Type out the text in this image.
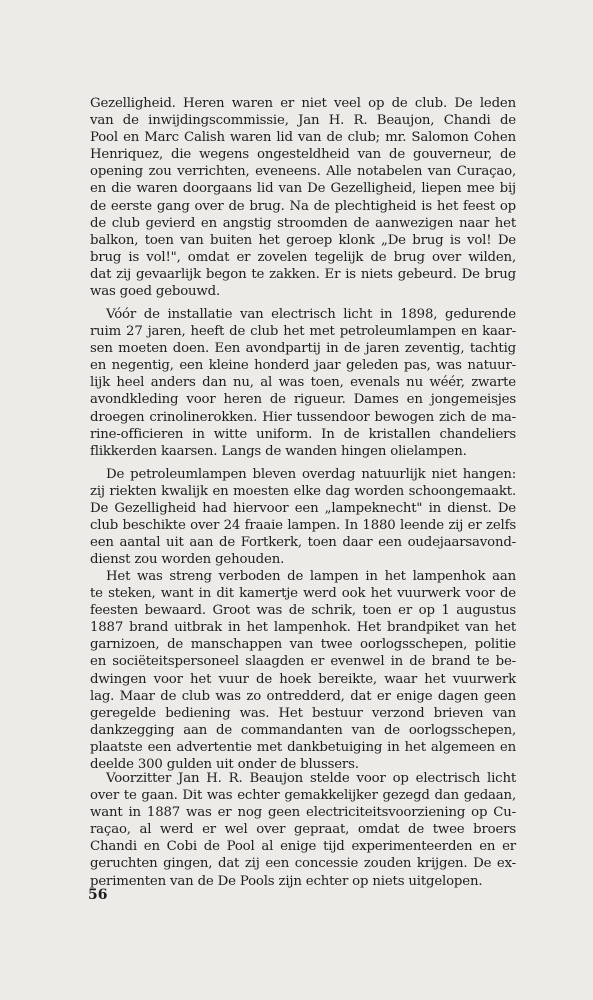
Gezelligheid. Heren waren er niet veel op de club. De leden
van de inwijdingscommissie, Jan H. R. Beaujon, Chandi de
Pool en Marc Calish waren lid van de club; mr. Salomon Cohen
Henriquez, die wegens ongesteldheid van de gouverneur, de
opening zou verrichten, eveneens. Alle notabelen van Curaçao,
en die waren doorgaans lid van De Gezelligheid, liepen mee bij
de eerste gang over de brug. Na de plechtigheid is het feest op
de club gevierd en angstig stroomden de aanwezigen naar het
balkon, toen van buiten het geroep klonk „De brug is vol! De
brug is vol!", omdat er zovelen tegelijk de brug over wilden,
dat zij gevaarlijk begon te zakken. Er is niets gebeurd. De brug
was goed gebouwd.
Vóór de installatie van electrisch licht in 1898, gedurende
ruim 27 jaren, heeft de club het met petroleumlampen en kaar-
sen moeten doen. Een avondpartij in de jaren zeventig, tachtig
en negentig, een kleine honderd jaar geleden pas, was natuur-
lijk heel anders dan nu, al was toen, evenals nu wéér, zwarte
avondkleding voor heren de rigueur. Dames en jongemeisjes
droegen crinolinerokken. Hier tussendoor bewogen zich de ma-
rine-officieren in witte uniform. In de kristallen chandeliers
flikkerden kaarsen. Langs de wanden hingen olielampen.
De petroleumlampen bleven overdag natuurlijk niet hangen:
zij riekten kwalijk en moesten elke dag worden schoongemaakt.
De Gezelligheid had hiervoor een „lampeknecht" in dienst. De
club beschikte over 24 fraaie lampen. In 1880 leende zij er zelfs
een aantal uit aan de Fortkerk, toen daar een oudejaarsavond-
dienst zou worden gehouden.
Het was streng verboden de lampen in het lampenhok aan
te steken, want in dit kamertje werd ook het vuurwerk voor de
feesten bewaard. Groot was de schrik, toen er op 1 augustus
1887 brand uitbrak in het lampenhok. Het brandpiket van het
garnizoen, de manschappen van twee oorlogsschepen, politie
en sociëteitspersoneel slaagden er evenwel in de brand te be-
dwingen voor het vuur de hoek bereikte, waar het vuurwerk
lag. Maar de club was zo ontredderd, dat er enige dagen geen
geregelde bediening was. Het bestuur verzond brieven van
dankzegging aan de commandanten van de oorlogsschepen,
plaatste een advertentie met dankbetuiging in het algemeen en
deelde 300 gulden uit onder de blussers.
Voorzitter Jan H. R. Beaujon stelde voor op electrisch licht
over te gaan. Dit was echter gemakkelijker gezegd dan gedaan,
want in 1887 was er nog geen electriciteitsvoorziening op Cu-
raçao, al werd er wel over gepraat, omdat de twee broers
Chandi en Cobi de Pool al enige tijd experimenteerden en er
geruchten gingen, dat zij een concessie zouden krijgen. De ex-
perimenten van de De Pools zijn echter op niets uitgelopen.
56
